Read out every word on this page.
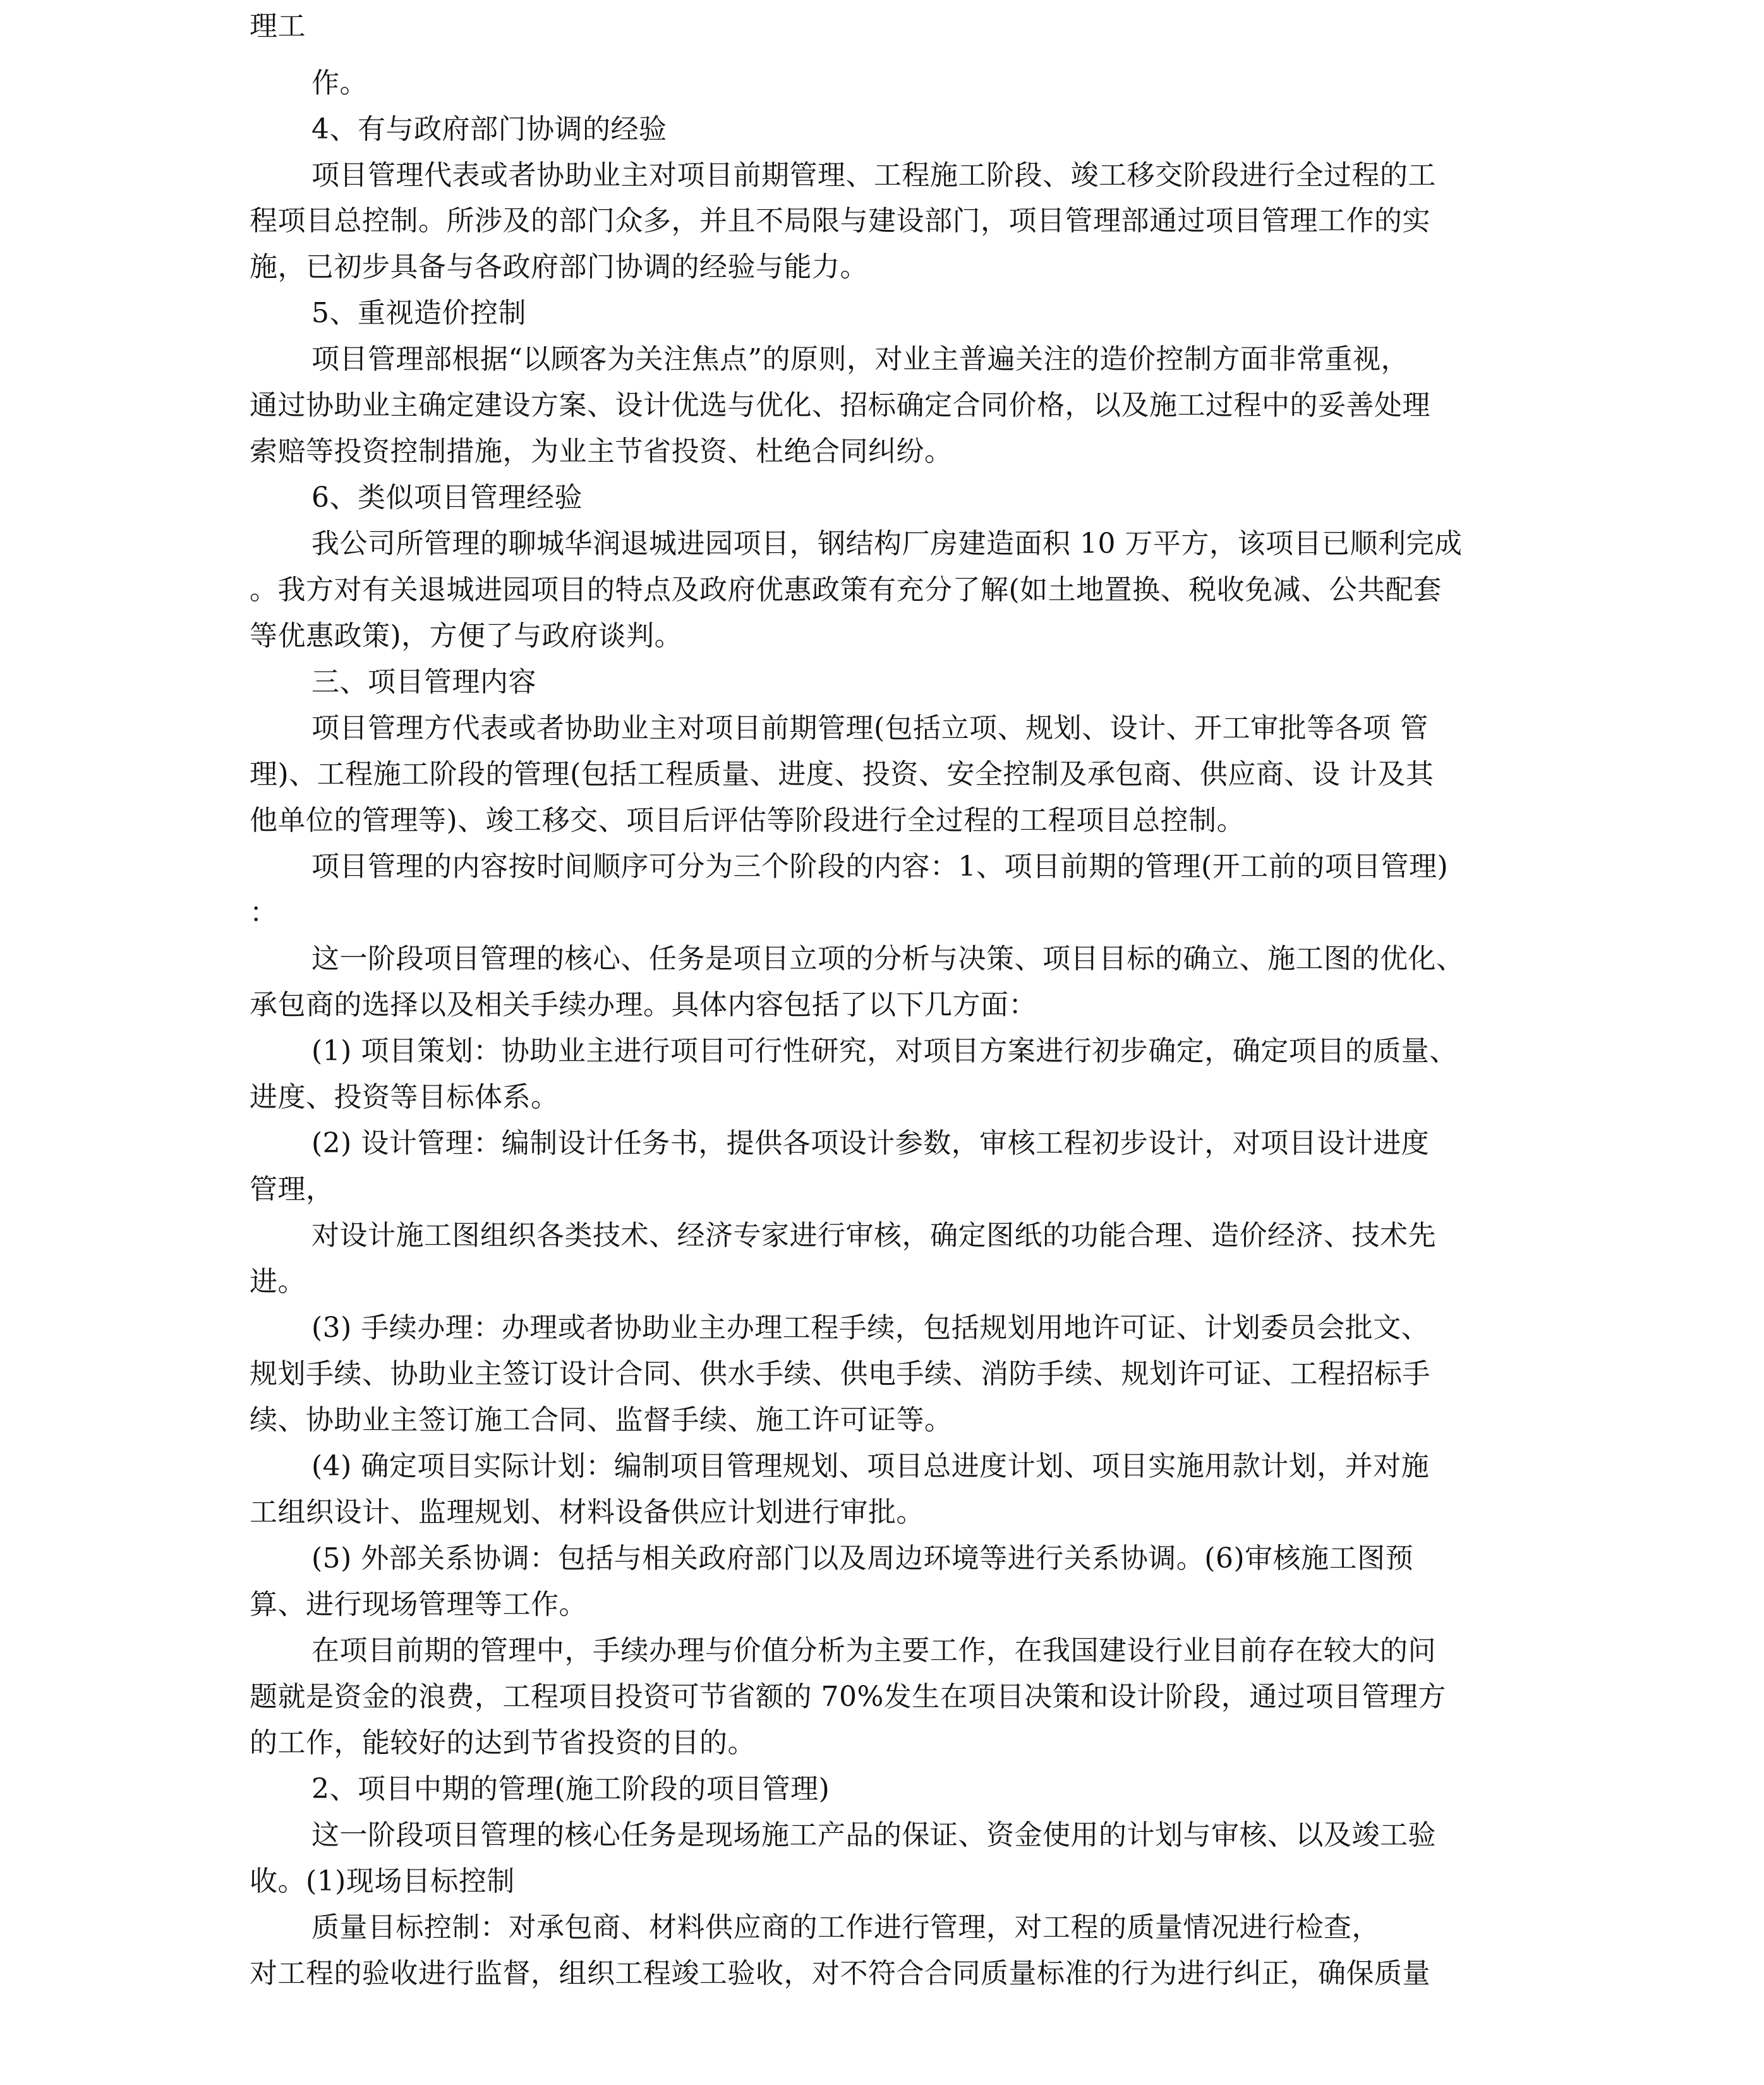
理工
作。
4、有与政府部门协调的经验
项目管理代表或者协助业主对项目前期管理、工程施工阶段、竣工移交阶段进行全过程的工
程项目总控制。所涉及的部门众多，并且不局限与建设部门，项目管理部通过项目管理工作的实
施，已初步具备与各政府部门协调的经验与能力。
5、重视造价控制
项目管理部根据“以顾客为关注焦点”的原则，对业主普遍关注的造价控制方面非常重视，
通过协助业主确定建设方案、设计优选与优化、招标确定合同价格，以及施工过程中的妥善处理
索赔等投资控制措施，为业主节省投资、杜绝合同纠纷。
6、类似项目管理经验
我公司所管理的聊城华润退城进园项目，钢结构厂房建造面积 10 万平方，该项目已顺利完成
。我方对有关退城进园项目的特点及政府优惠政策有充分了解(如土地置换、税收免减、公共配套
等优惠政策)，方便了与政府谈判。
三、项目管理内容
项目管理方代表或者协助业主对项目前期管理(包括立项、规划、设计、开工审批等各项 管
理)、工程施工阶段的管理(包括工程质量、进度、投资、安全控制及承包商、供应商、设 计及其
他单位的管理等)、竣工移交、项目后评估等阶段进行全过程的工程项目总控制。
项目管理的内容按时间顺序可分为三个阶段的内容：1、项目前期的管理(开工前的项目管理)
：
这一阶段项目管理的核心、任务是项目立项的分析与决策、项目目标的确立、施工图的优化、
承包商的选择以及相关手续办理。具体内容包括了以下几方面：
(1) 项目策划：协助业主进行项目可行性研究，对项目方案进行初步确定，确定项目的质量、
进度、投资等目标体系。
(2) 设计管理：编制设计任务书，提供各项设计参数，审核工程初步设计，对项目设计进度
管理，
对设计施工图组织各类技术、经济专家进行审核，确定图纸的功能合理、造价经济、技术先
进。
(3) 手续办理：办理或者协助业主办理工程手续，包括规划用地许可证、计划委员会批文、
规划手续、协助业主签订设计合同、供水手续、供电手续、消防手续、规划许可证、工程招标手
续、协助业主签订施工合同、监督手续、施工许可证等。
(4) 确定项目实际计划：编制项目管理规划、项目总进度计划、项目实施用款计划，并对施
工组织设计、监理规划、材料设备供应计划进行审批。
(5) 外部关系协调：包括与相关政府部门以及周边环境等进行关系协调。(6)审核施工图预
算、进行现场管理等工作。
在项目前期的管理中，手续办理与价值分析为主要工作，在我国建设行业目前存在较大的问
题就是资金的浪费，工程项目投资可节省额的 70%发生在项目决策和设计阶段，通过项目管理方
的工作，能较好的达到节省投资的目的。
2、项目中期的管理(施工阶段的项目管理)
这一阶段项目管理的核心任务是现场施工产品的保证、资金使用的计划与审核、以及竣工验
收。(1)现场目标控制
质量目标控制：对承包商、材料供应商的工作进行管理，对工程的质量情况进行检查，
对工程的验收进行监督，组织工程竣工验收，对不符合合同质量标准的行为进行纠正，确保质量
